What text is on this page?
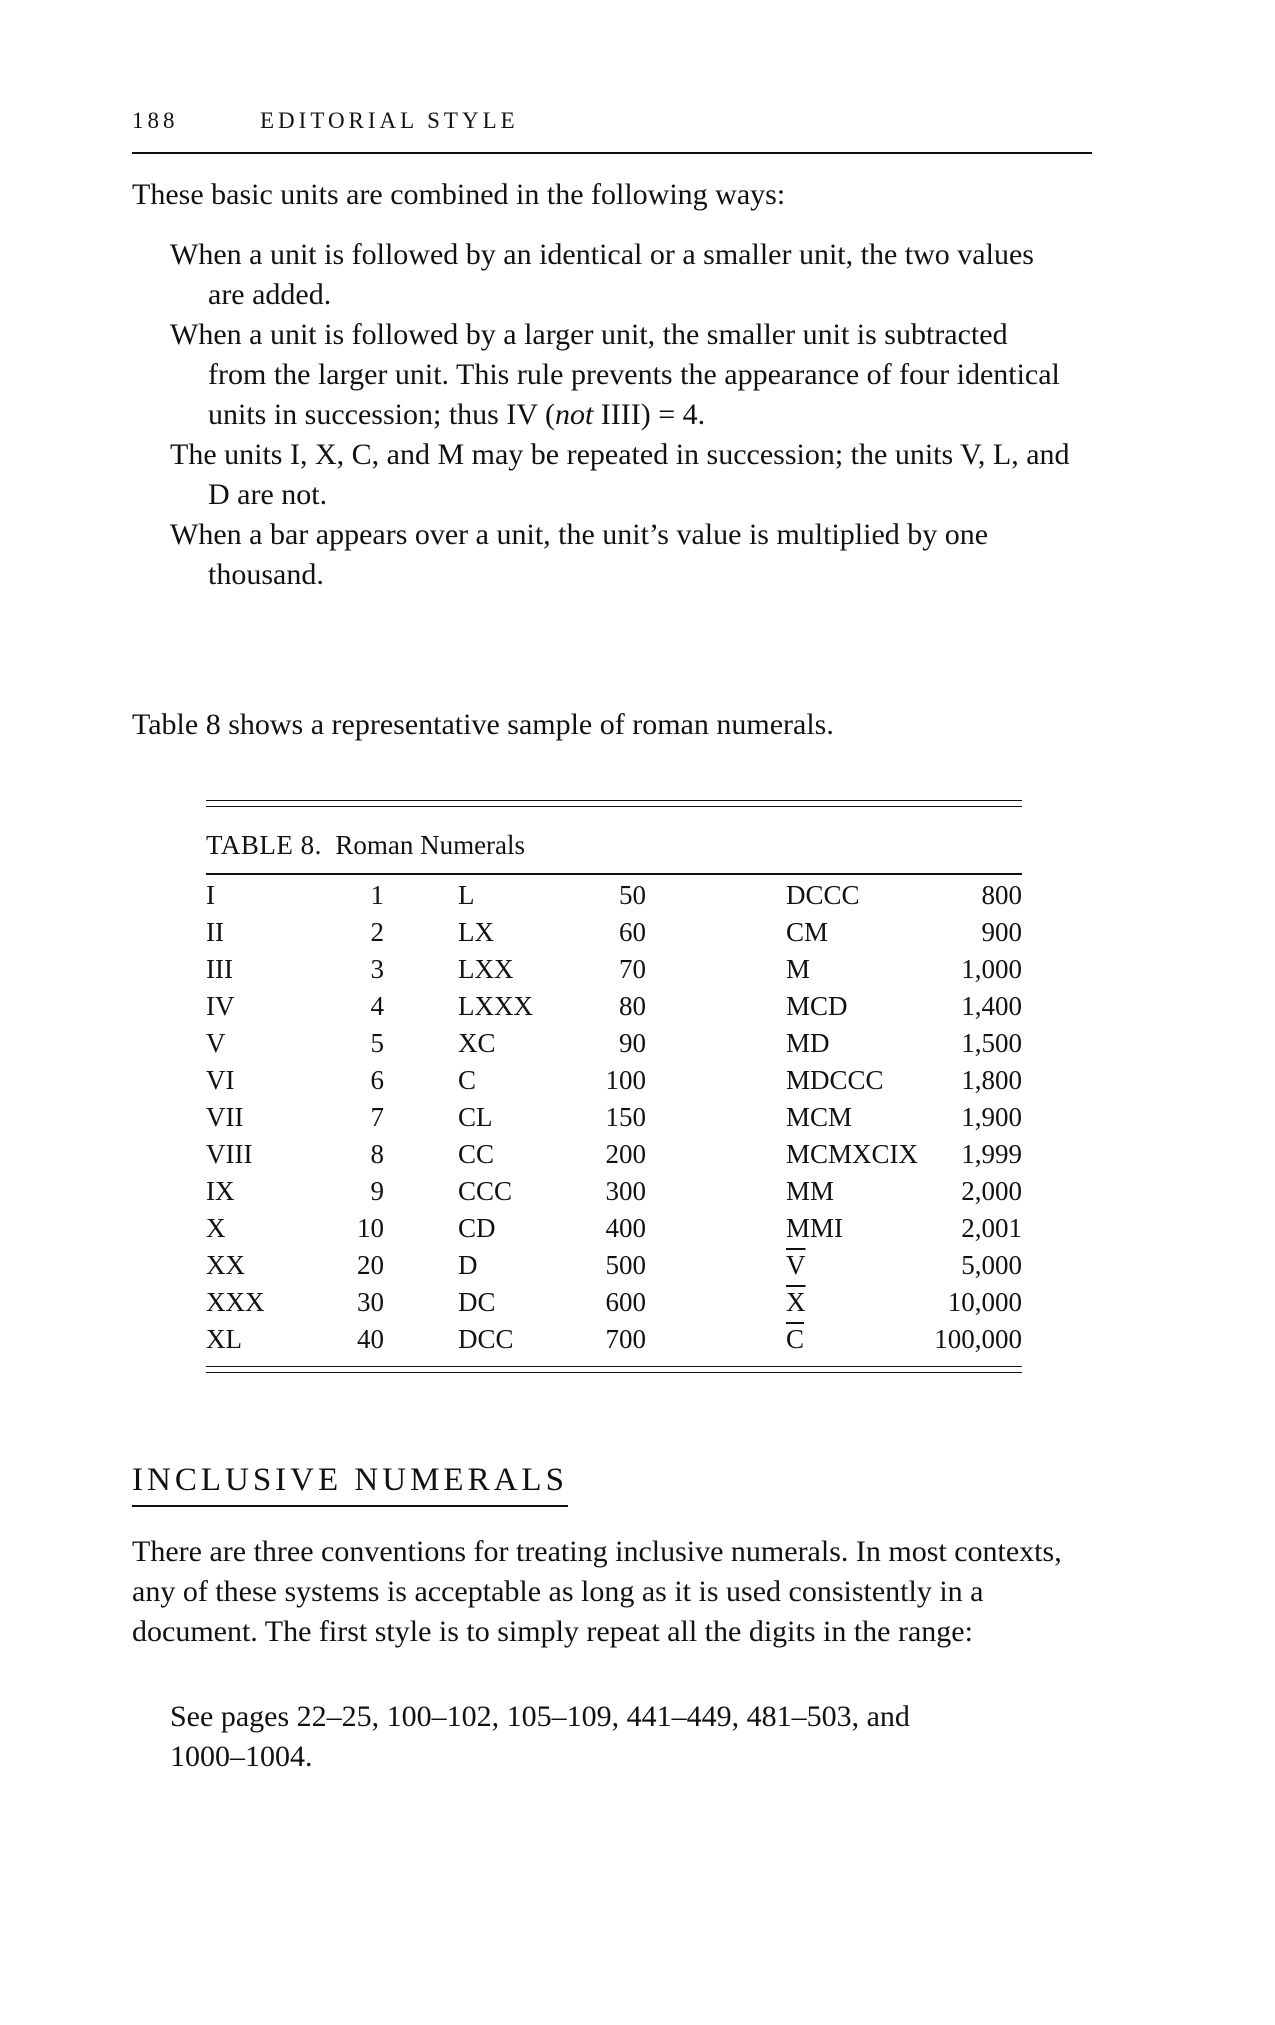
188	EDITORIAL STYLE
These basic units are combined in the following ways:

When a unit is followed by an identical or a smaller unit, the two values are added.

When a unit is followed by a larger unit, the smaller unit is subtracted from the larger unit. This rule prevents the appearance of four identical units in succession; thus IV (not IIII) = 4.

The units I, X, C, and M may be repeated in succession; the units V, L, and D are not.

When a bar appears over a unit, the unit’s value is multiplied by one thousand.

Table 8 shows a representative sample of roman numerals.
TABLE 8. Roman Numerals
I	1	L	50	DCCC	800
II	2	LX	60	CM	900
III	3	LXX	70	M	1,000
IV	4	LXXX	80	MCD	1,400
V	5	XC	90	MD	1,500
VI	6	C	100	MDCCC	1,800
VII	7	CL	150	MCM	1,900
VIII	8	CC	200	MCMXCIX	1,999
IX	9	CCC	300	MM	2,000
X	10	CD	400	MMI	2,001
XX	20	D	500	$\overline{V}$	5,000
XXX	30	DC	600	$\overline{X}$	10,000
XL	40	DCC	700	$\overline{C}$	100,000
INCLUSIVE NUMERALS
There are three conventions for treating inclusive numerals. In most contexts, any of these systems is acceptable as long as it is used consistently in a document. The first style is to simply repeat all the digits in the range:
See pages 22–25, 100–102, 105–109, 441–449, 481–503, and 1000–1004.
